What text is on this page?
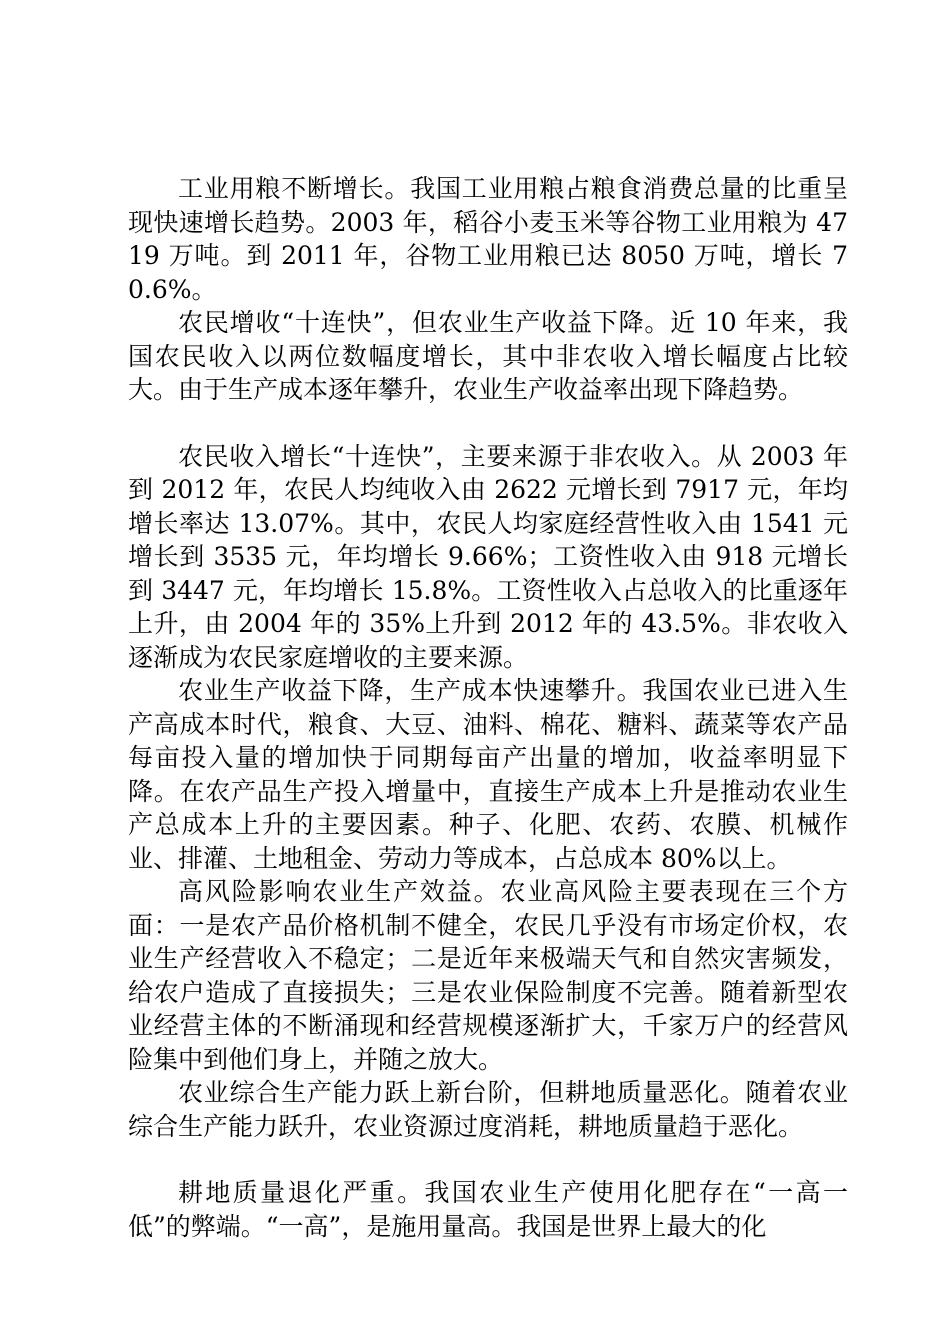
工业用粮不断增长。我国工业用粮占粮食消费总量的比重呈现快速增长趋势。2003 年，稻谷小麦玉米等谷物工业用粮为 4719 万吨。到 2011 年，谷物工业用粮已达 8050 万吨，增长 70.6%。

农民增收“十连快”，但农业生产收益下降。近 10 年来，我国农民收入以两位数幅度增长，其中非农收入增长幅度占比较大。由于生产成本逐年攀升，农业生产收益率出现下降趋势。

农民收入增长“十连快”，主要来源于非农收入。从 2003 年到 2012 年，农民人均纯收入由 2622 元增长到 7917 元，年均增长率达 13.07%。其中，农民人均家庭经营性收入由 1541 元增长到 3535 元，年均增长 9.66%；工资性收入由 918 元增长到 3447 元，年均增长 15.8%。工资性收入占总收入的比重逐年上升，由 2004 年的 35%上升到 2012 年的 43.5%。非农收入逐渐成为农民家庭增收的主要来源。

农业生产收益下降，生产成本快速攀升。我国农业已进入生产高成本时代，粮食、大豆、油料、棉花、糖料、蔬菜等农产品每亩投入量的增加快于同期每亩产出量的增加，收益率明显下降。在农产品生产投入增量中，直接生产成本上升是推动农业生产总成本上升的主要因素。种子、化肥、农药、农膜、机械作业、排灌、土地租金、劳动力等成本，占总成本 80%以上。

高风险影响农业生产效益。农业高风险主要表现在三个方面：一是农产品价格机制不健全，农民几乎没有市场定价权，农业生产经营收入不稳定；二是近年来极端天气和自然灾害频发，给农户造成了直接损失；三是农业保险制度不完善。随着新型农业经营主体的不断涌现和经营规模逐渐扩大，千家万户的经营风险集中到他们身上，并随之放大。

农业综合生产能力跃上新台阶，但耕地质量恶化。随着农业综合生产能力跃升，农业资源过度消耗，耕地质量趋于恶化。

耕地质量退化严重。我国农业生产使用化肥存在“一高一低”的弊端。“一高”，是施用量高。我国是世界上最大的化
